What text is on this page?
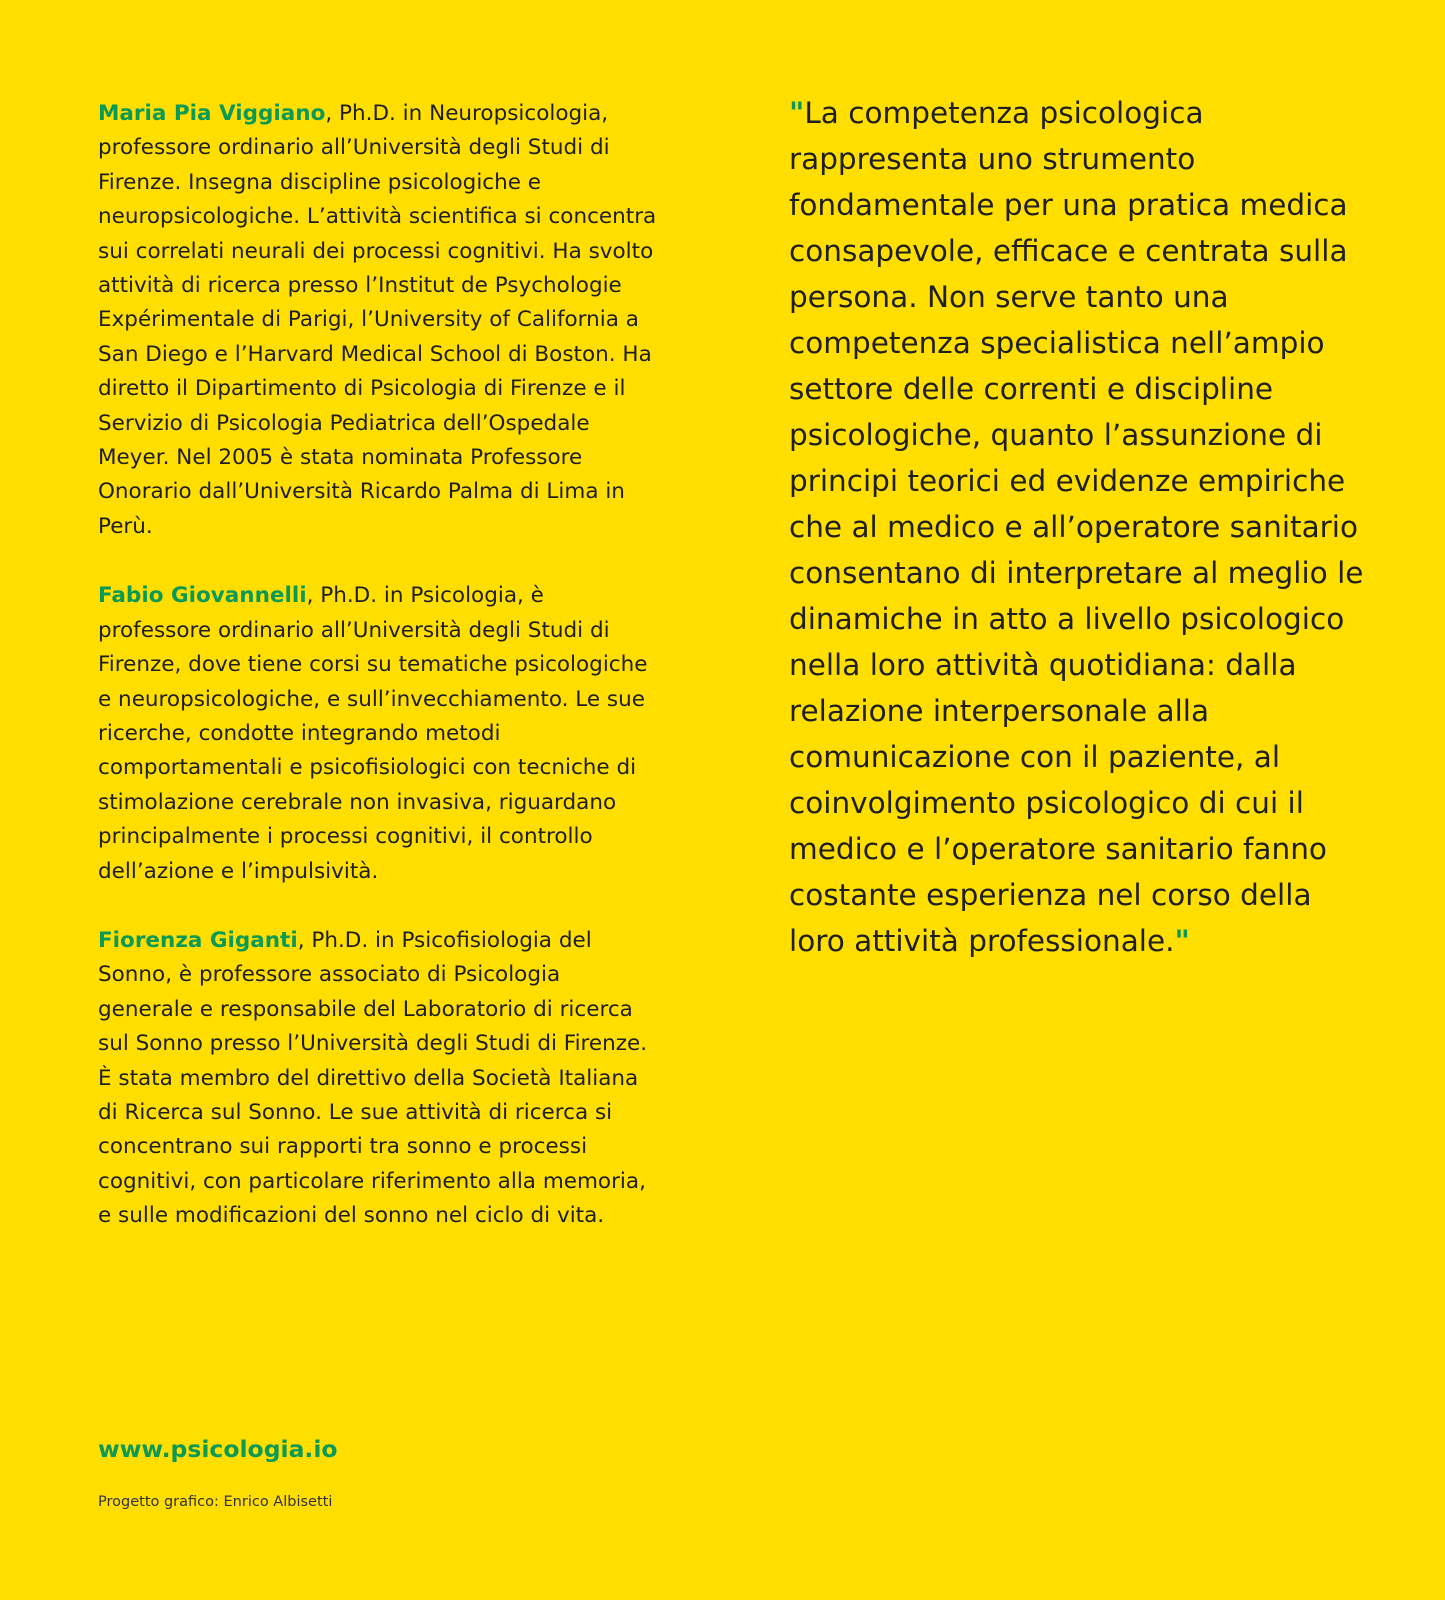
Maria Pia Viggiano, Ph.D. in Neuropsicologia, professore ordinario all’Università degli Studi di Firenze. Insegna discipline psicologiche e neuropsicologiche. L’attività scientifica si concentra sui correlati neurali dei processi cognitivi. Ha svolto attività di ricerca presso l’Institut de Psychologie Expérimentale di Parigi, l’University of California a San Diego e l’Harvard Medical School di Boston. Ha diretto il Dipartimento di Psicologia di Firenze e il Servizio di Psicologia Pediatrica dell’Ospedale Meyer. Nel 2005 è stata nominata Professore Onorario dall’Università Ricardo Palma di Lima in Perù.

Fabio Giovannelli, Ph.D. in Psicologia, è professore ordinario all’Università degli Studi di Firenze, dove tiene corsi su tematiche psicologiche e neuropsicologiche, e sull’invecchiamento. Le sue ricerche, condotte integrando metodi comportamentali e psicofisiologici con tecniche di stimolazione cerebrale non invasiva, riguardano principalmente i processi cognitivi, il controllo dell’azione e l’impulsività.

Fiorenza Giganti, Ph.D. in Psicofisiologia del Sonno, è professore associato di Psicologia generale e responsabile del Laboratorio di ricerca sul Sonno presso l’Università degli Studi di Firenze. È stata membro del direttivo della Società Italiana di Ricerca sul Sonno. Le sue attività di ricerca si concentrano sui rapporti tra sonno e processi cognitivi, con particolare riferimento alla memoria, e sulle modificazioni del sonno nel ciclo di vita.

"La competenza psicologica rappresenta uno strumento fondamentale per una pratica medica consapevole, efficace e centrata sulla persona. Non serve tanto una competenza specialistica nell’ampio settore delle correnti e discipline psicologiche, quanto l’assunzione di principi teorici ed evidenze empiriche che al medico e all’operatore sanitario consentano di interpretare al meglio le dinamiche in atto a livello psicologico nella loro attività quotidiana: dalla relazione interpersonale alla comunicazione con il paziente, al coinvolgimento psicologico di cui il medico e l’operatore sanitario fanno costante esperienza nel corso della loro attività professionale."

www.psicologia.io

Progetto grafico: Enrico Albisetti
